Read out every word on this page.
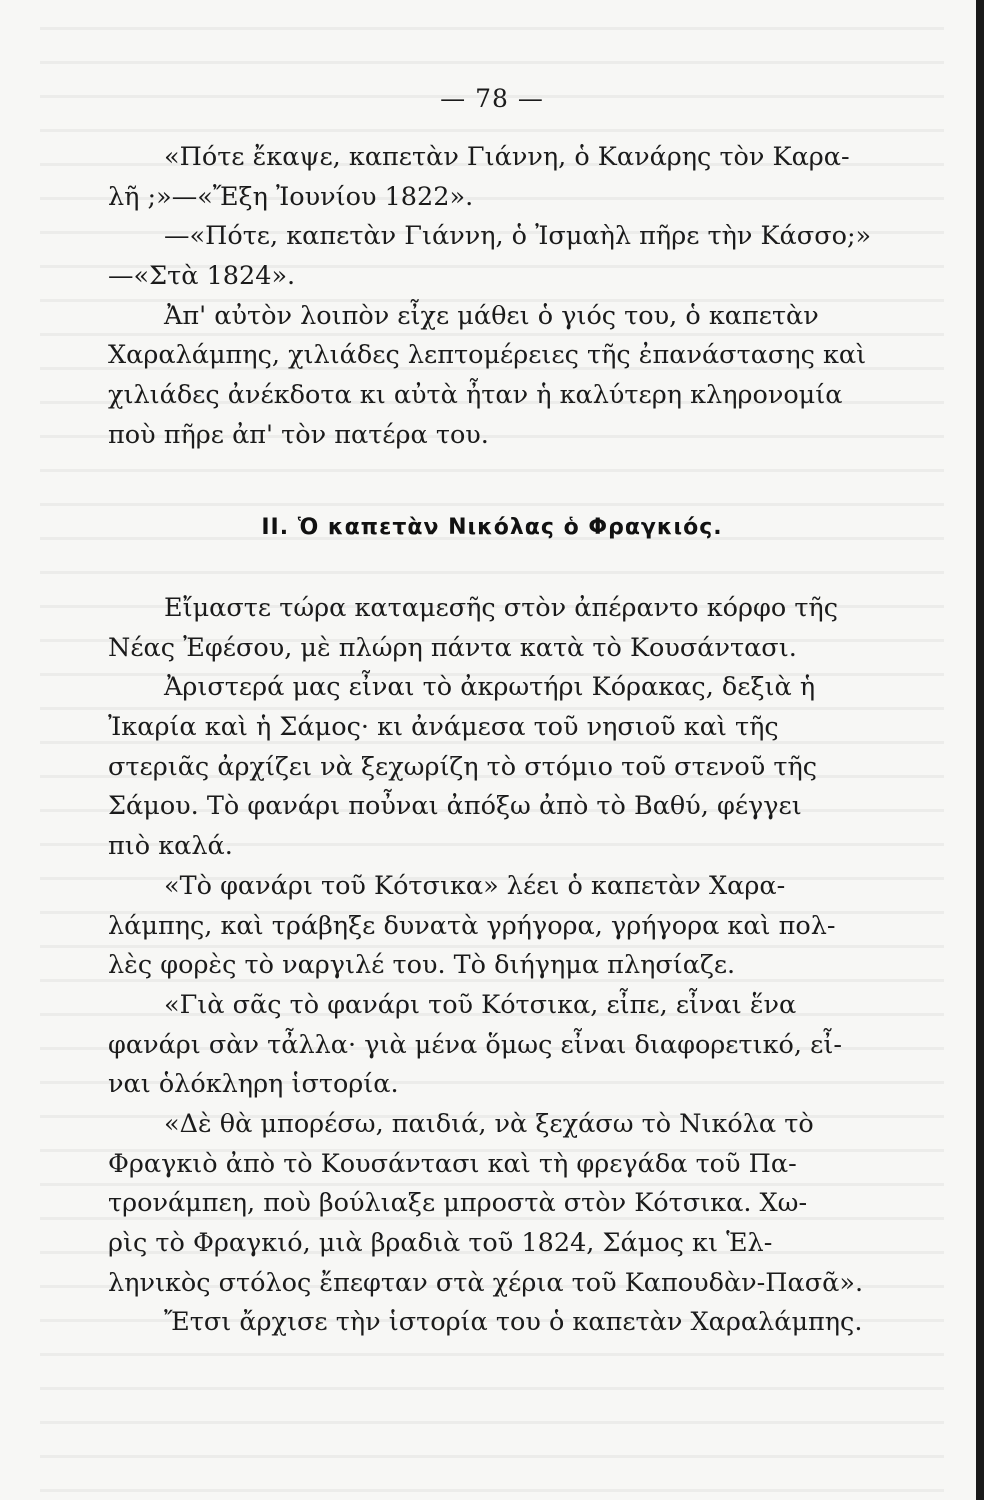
— 78 —

«Πότε ἔκαψε, καπετὰν Γιάννη, ὁ Κανάρης τὸν Καρα-
λῆ ;»—«Ἔξη Ἰουνίου 1822».
—«Πότε, καπετὰν Γιάννη, ὁ Ἰσμαὴλ πῆρε τὴν Κάσσο;»
—«Στὰ 1824».
Ἀπ' αὐτὸν λοιπὸν εἶχε μάθει ὁ γιός του, ὁ καπετὰν
Χαραλάμπης, χιλιάδες λεπτομέρειες τῆς ἐπανάστασης καὶ
χιλιάδες ἀνέκδοτα κι αὐτὰ ἦταν ἡ καλύτερη κληρονομία
ποὺ πῆρε ἀπ' τὸν πατέρα του.

II. Ὁ καπετὰν Νικόλας ὁ Φραγκιός.

Εἴμαστε τώρα καταμεσῆς στὸν ἀπέραντο κόρφο τῆς
Νέας Ἐφέσου, μὲ πλώρη πάντα κατὰ τὸ Κουσάντασι.
Ἀριστερά μας εἶναι τὸ ἀκρωτήρι Κόρακας, δεξιὰ ἡ
Ἰκαρία καὶ ἡ Σάμος· κι ἀνάμεσα τοῦ νησιοῦ καὶ τῆς
στεριᾶς ἀρχίζει νὰ ξεχωρίζη τὸ στόμιο τοῦ στενοῦ τῆς
Σάμου. Τὸ φανάρι ποὖναι ἀπόξω ἀπὸ τὸ Βαθύ, φέγγει
πιὸ καλά.
«Τὸ φανάρι τοῦ Κότσικα» λέει ὁ καπετὰν Χαρα-
λάμπης, καὶ τράβηξε δυνατὰ γρήγορα, γρήγορα καὶ πολ-
λὲς φορὲς τὸ ναργιλέ του. Τὸ διήγημα πλησίαζε.
«Γιὰ σᾶς τὸ φανάρι τοῦ Κότσικα, εἶπε, εἶναι ἕνα
φανάρι σὰν τἆλλα· γιὰ μένα ὅμως εἶναι διαφορετικό, εἶ-
ναι ὁλόκληρη ἱστορία.
«Δὲ θὰ μπορέσω, παιδιά, νὰ ξεχάσω τὸ Νικόλα τὸ
Φραγκιὸ ἀπὸ τὸ Κουσάντασι καὶ τὴ φρεγάδα τοῦ Πα-
τρονάμπεη, ποὺ βούλιαξε μπροστὰ στὸν Κότσικα. Χω-
ρὶς τὸ Φραγκιό, μιὰ βραδιὰ τοῦ 1824, Σάμος κι Ἑλ-
ληνικὸς στόλος ἔπεφταν στὰ χέρια τοῦ Καπουδὰν-Πασᾶ».
Ἔτσι ἄρχισε τὴν ἱστορία του ὁ καπετὰν Χαραλάμπης.
